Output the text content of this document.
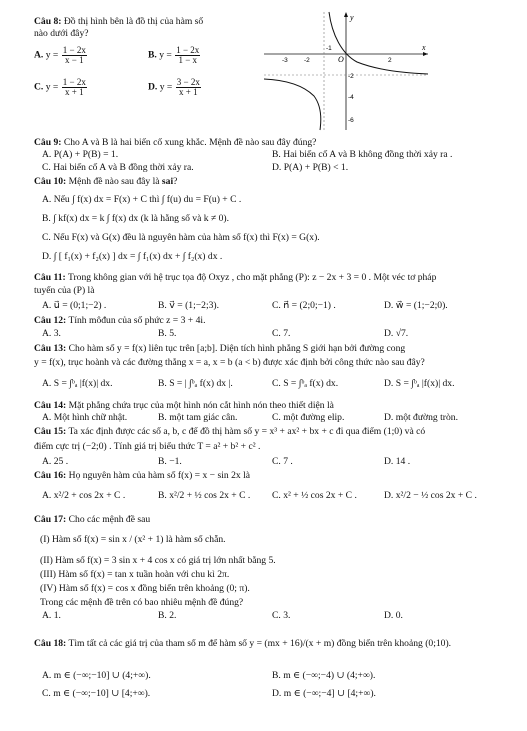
Câu 8: Đồ thị hình bên là đồ thị của hàm số
nào dưới đây?
A. $y = \frac{1 - 2x}{x - 1}$	B. $y = \frac{1 - 2x}{1 - x}$
C. $y = \frac{1 - 2x}{x + 1}$	D. $y = \frac{3 - 2x}{x + 1}$
y
x
O
-3 -2
-1
2
-2
-4
-6
Câu 9: Cho A và B là hai biến cố xung khắc. Mệnh đề nào sau đây đúng?
A. P(A) + P(B) = 1.	B. Hai biến cố A và B không đồng thời xảy ra .
C. Hai biến cố A và B đồng thời xảy ra.	D. P(A) + P(B) < 1.
Câu 10: Mệnh đề nào sau đây là sai?
A. Nếu ∫ f(x) dx = F(x) + C thì ∫ f(u) du = F(u) + C .
B. ∫ kf(x) dx = k ∫ f(x) dx (k là hằng số và k ≠ 0).
C. Nếu F(x) và G(x) đều là nguyên hàm của hàm số f(x) thì F(x) = G(x).
D. ∫ [ f₁(x) + f₂(x) ] dx = ∫ f₁(x) dx + ∫ f₂(x) dx .
Câu 11: Trong không gian với hệ trục tọa độ Oxyz , cho mặt phẳng (P): z − 2x + 3 = 0 . Một véc tơ pháp
tuyến của (P) là
A. u⃗ = (0;1;−2) .	B. v⃗ = (1;−2;3).	C. n⃗ = (2;0;−1) .	D. w⃗ = (1;−2;0).
Câu 12: Tính môđun của số phức z = 3 + 4i.
A. 3.	B. 5.	C. 7.	D. √7.
Câu 13: Cho hàm số y = f(x) liên tục trên [a;b]. Diện tích hình phẳng S giới hạn bởi đường cong
y = f(x), trục hoành và các đường thẳng x = a, x = b (a < b) được xác định bởi công thức nào sau đây?
A. S = ∫ᵇₐ |f(x)| dx.	B. S = | ∫ᵇₐ f(x) dx |.	C. S = ∫ᵇₐ f(x) dx.	D. S = ∫ᵇₐ |f(x)| dx.
Câu 14: Mặt phẳng chứa trục của một hình nón cắt hình nón theo thiết diện là
A. Một hình chữ nhật.	B. một tam giác cân.	C. một đường elip.	D. một đường tròn.
Câu 15: Ta xác định được các số a, b, c để đồ thị hàm số y = x³ + ax² + bx + c đi qua điểm (1;0) và có
điểm cực trị (−2;0) . Tính giá trị biểu thức T = a² + b² + c² .
A. 25 .	B. −1.	C. 7 .	D. 14 .
Câu 16: Họ nguyên hàm của hàm số f(x) = x − sin 2x là
A. x²/2 + cos 2x + C .	B. x²/2 + ½ cos 2x + C . C. x² + ½ cos 2x + C .	D. x²/2 − ½ cos 2x + C .
Câu 17: Cho các mệnh đề sau
(I) Hàm số f(x) = sin x / (x² + 1) là hàm số chẵn.
(II) Hàm số f(x) = 3 sin x + 4 cos x có giá trị lớn nhất bằng 5.
(III) Hàm số f(x) = tan x tuần hoàn với chu kì 2π.
(IV) Hàm số f(x) = cos x đồng biến trên khoảng (0; π).
Trong các mệnh đề trên có bao nhiêu mệnh đề đúng?
A. 1.	B. 2.	C. 3.	D. 0.
Câu 18: Tìm tất cả các giá trị của tham số m để hàm số y = (mx + 16)/(x + m) đồng biến trên khoảng (0;10).
A. m ∈ (−∞;−10] ∪ (4;+∞).	B. m ∈ (−∞;−4) ∪ (4;+∞).
C. m ∈ (−∞;−10] ∪ [4;+∞).	D. m ∈ (−∞;−4] ∪ [4;+∞).
